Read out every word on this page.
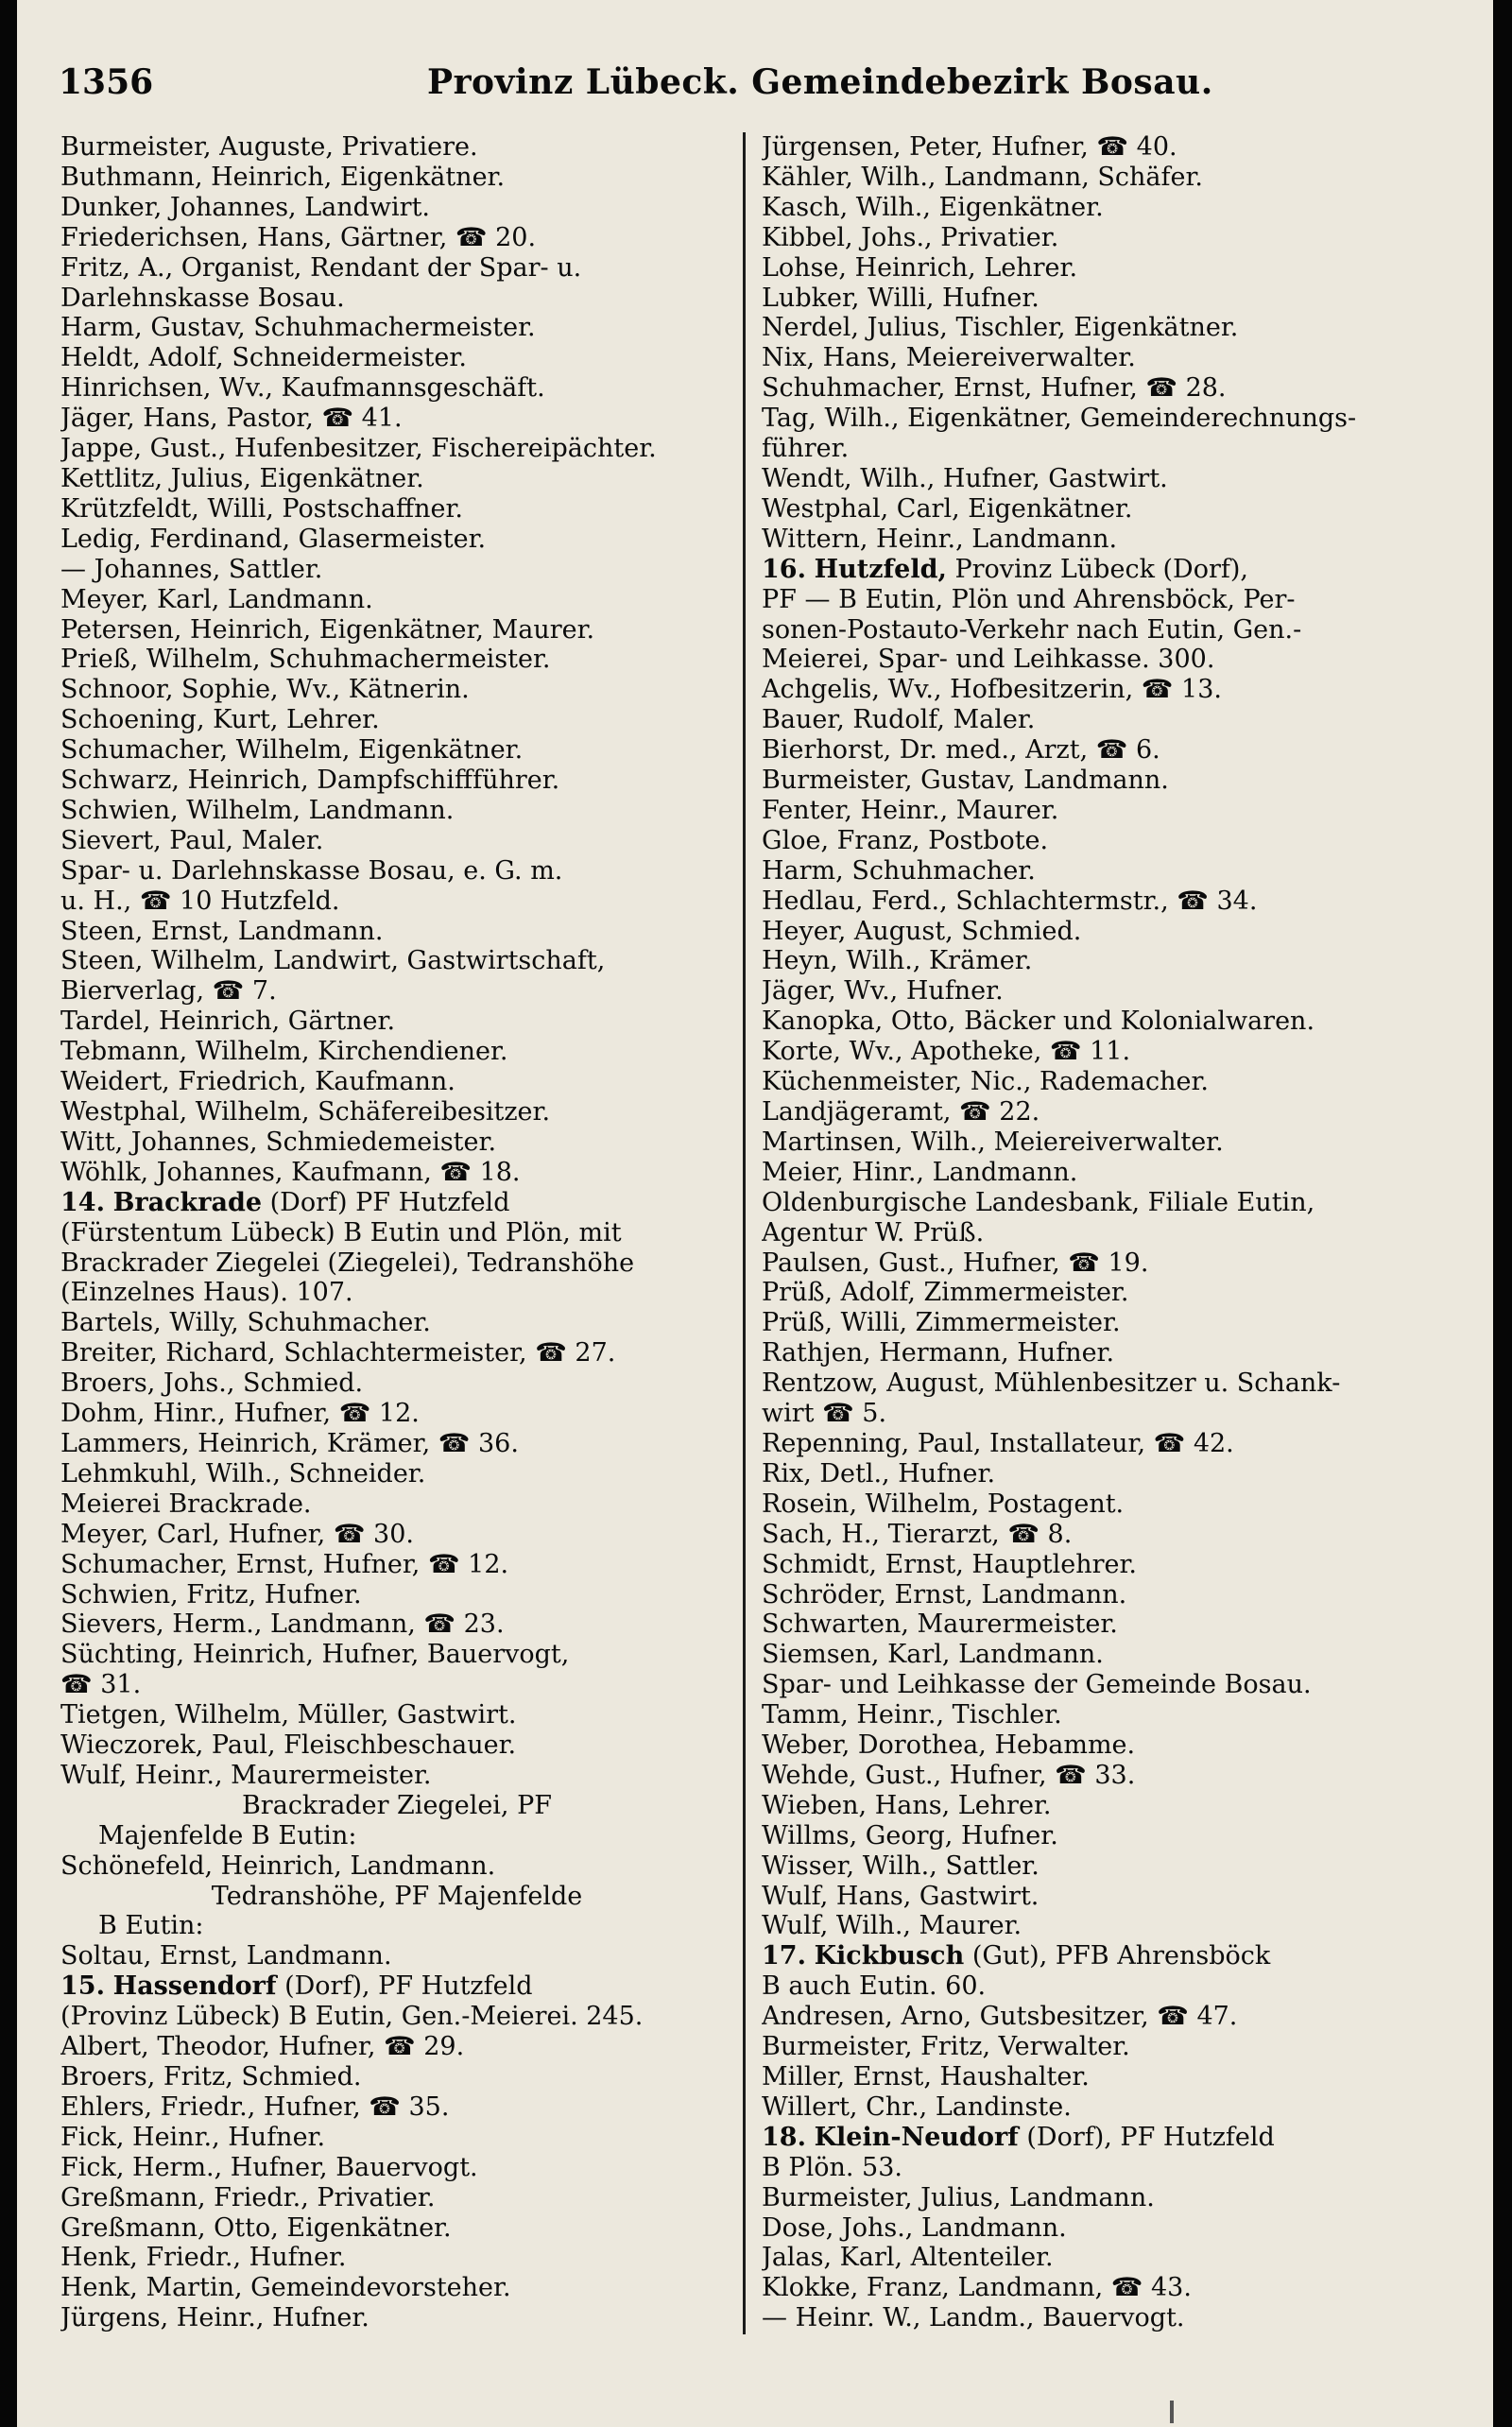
1356	Provinz Lübeck. Gemeindebezirk Bosau.
Burmeister, Auguste, Privatiere.
Buthmann, Heinrich, Eigenkätner.
Dunker, Johannes, Landwirt.
Friederichsen, Hans, Gärtner, ☎ 20.
Fritz, A., Organist, Rendant der Spar- u.
Darlehnskasse Bosau.
Harm, Gustav, Schuhmachermeister.
Heldt, Adolf, Schneidermeister.
Hinrichsen, Wv., Kaufmannsgeschäft.
Jäger, Hans, Pastor, ☎ 41.
Jappe, Gust., Hufenbesitzer, Fischereipächter.
Kettlitz, Julius, Eigenkätner.
Krützfeldt, Willi, Postschaffner.
Ledig, Ferdinand, Glasermeister.
— Johannes, Sattler.
Meyer, Karl, Landmann.
Petersen, Heinrich, Eigenkätner, Maurer.
Prieß, Wilhelm, Schuhmachermeister.
Schnoor, Sophie, Wv., Kätnerin.
Schoening, Kurt, Lehrer.
Schumacher, Wilhelm, Eigenkätner.
Schwarz, Heinrich, Dampfschiffführer.
Schwien, Wilhelm, Landmann.
Sievert, Paul, Maler.
Spar- u. Darlehnskasse Bosau, e. G. m.
u. H., ☎ 10 Hutzfeld.
Steen, Ernst, Landmann.
Steen, Wilhelm, Landwirt, Gastwirtschaft,
Bierverlag, ☎ 7.
Tardel, Heinrich, Gärtner.
Tebmann, Wilhelm, Kirchendiener.
Weidert, Friedrich, Kaufmann.
Westphal, Wilhelm, Schäfereibesitzer.
Witt, Johannes, Schmiedemeister.
Wöhlk, Johannes, Kaufmann, ☎ 18.
14. Brackrade (Dorf) PF Hutzfeld
(Fürstentum Lübeck) B Eutin und Plön, mit
Brackrader Ziegelei (Ziegelei), Tedranshöhe
(Einzelnes Haus). 107.
Bartels, Willy, Schuhmacher.
Breiter, Richard, Schlachtermeister, ☎ 27.
Broers, Johs., Schmied.
Dohm, Hinr., Hufner, ☎ 12.
Lammers, Heinrich, Krämer, ☎ 36.
Lehmkuhl, Wilh., Schneider.
Meierei Brackrade.
Meyer, Carl, Hufner, ☎ 30.
Schumacher, Ernst, Hufner, ☎ 12.
Schwien, Fritz, Hufner.
Sievers, Herm., Landmann, ☎ 23.
Süchting, Heinrich, Hufner, Bauervogt,
☎ 31.
Tietgen, Wilhelm, Müller, Gastwirt.
Wieczorek, Paul, Fleischbeschauer.
Wulf, Heinr., Maurermeister.
Brackrader Ziegelei, PF
Majenfelde B Eutin:
Schönefeld, Heinrich, Landmann.
Tedranshöhe, PF Majenfelde
B Eutin:
Soltau, Ernst, Landmann.
15. Hassendorf (Dorf), PF Hutzfeld
(Provinz Lübeck) B Eutin, Gen.-Meierei. 245.
Albert, Theodor, Hufner, ☎ 29.
Broers, Fritz, Schmied.
Ehlers, Friedr., Hufner, ☎ 35.
Fick, Heinr., Hufner.
Fick, Herm., Hufner, Bauervogt.
Greßmann, Friedr., Privatier.
Greßmann, Otto, Eigenkätner.
Henk, Friedr., Hufner.
Henk, Martin, Gemeindevorsteher.
Jürgens, Heinr., Hufner.
Jürgensen, Peter, Hufner, ☎ 40.
Kähler, Wilh., Landmann, Schäfer.
Kasch, Wilh., Eigenkätner.
Kibbel, Johs., Privatier.
Lohse, Heinrich, Lehrer.
Lubker, Willi, Hufner.
Nerdel, Julius, Tischler, Eigenkätner.
Nix, Hans, Meiereiverwalter.
Schuhmacher, Ernst, Hufner, ☎ 28.
Tag, Wilh., Eigenkätner, Gemeinderechnungs-
führer.
Wendt, Wilh., Hufner, Gastwirt.
Westphal, Carl, Eigenkätner.
Wittern, Heinr., Landmann.
16. Hutzfeld, Provinz Lübeck (Dorf),
PF — B Eutin, Plön und Ahrensböck, Per-
sonen-Postauto-Verkehr nach Eutin, Gen.-
Meierei, Spar- und Leihkasse. 300.
Achgelis, Wv., Hofbesitzerin, ☎ 13.
Bauer, Rudolf, Maler.
Bierhorst, Dr. med., Arzt, ☎ 6.
Burmeister, Gustav, Landmann.
Fenter, Heinr., Maurer.
Gloe, Franz, Postbote.
Harm, Schuhmacher.
Hedlau, Ferd., Schlachtermstr., ☎ 34.
Heyer, August, Schmied.
Heyn, Wilh., Krämer.
Jäger, Wv., Hufner.
Kanopka, Otto, Bäcker und Kolonialwaren.
Korte, Wv., Apotheke, ☎ 11.
Küchenmeister, Nic., Rademacher.
Landjägeramt, ☎ 22.
Martinsen, Wilh., Meiereiverwalter.
Meier, Hinr., Landmann.
Oldenburgische Landesbank, Filiale Eutin,
Agentur W. Prüß.
Paulsen, Gust., Hufner, ☎ 19.
Prüß, Adolf, Zimmermeister.
Prüß, Willi, Zimmermeister.
Rathjen, Hermann, Hufner.
Rentzow, August, Mühlenbesitzer u. Schank-
wirt ☎ 5.
Repenning, Paul, Installateur, ☎ 42.
Rix, Detl., Hufner.
Rosein, Wilhelm, Postagent.
Sach, H., Tierarzt, ☎ 8.
Schmidt, Ernst, Hauptlehrer.
Schröder, Ernst, Landmann.
Schwarten, Maurermeister.
Siemsen, Karl, Landmann.
Spar- und Leihkasse der Gemeinde Bosau.
Tamm, Heinr., Tischler.
Weber, Dorothea, Hebamme.
Wehde, Gust., Hufner, ☎ 33.
Wieben, Hans, Lehrer.
Willms, Georg, Hufner.
Wisser, Wilh., Sattler.
Wulf, Hans, Gastwirt.
Wulf, Wilh., Maurer.
17. Kickbusch (Gut), PFB Ahrensböck
B auch Eutin. 60.
Andresen, Arno, Gutsbesitzer, ☎ 47.
Burmeister, Fritz, Verwalter.
Miller, Ernst, Haushalter.
Willert, Chr., Landinste.
18. Klein-Neudorf (Dorf), PF Hutzfeld
B Plön. 53.
Burmeister, Julius, Landmann.
Dose, Johs., Landmann.
Jalas, Karl, Altenteiler.
Klokke, Franz, Landmann, ☎ 43.
— Heinr. W., Landm., Bauervogt.
